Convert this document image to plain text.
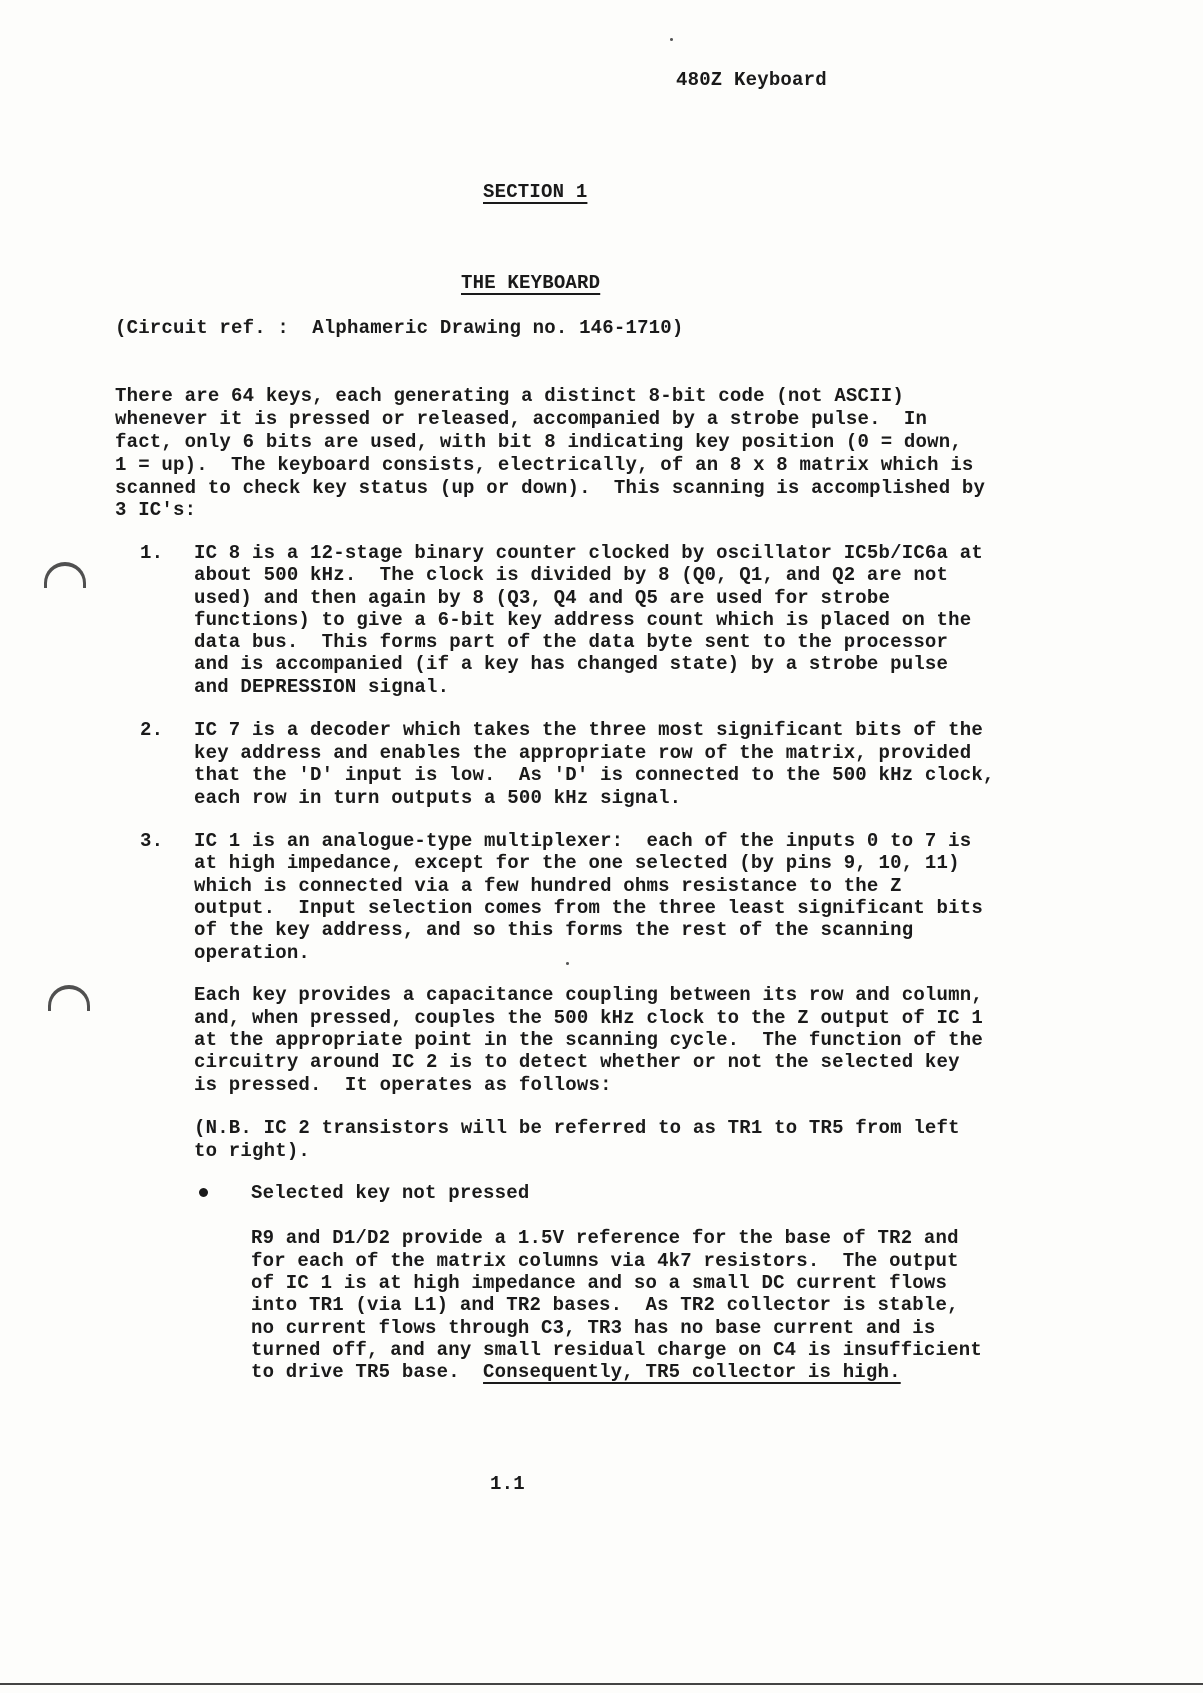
480Z Keyboard
SECTION 1
THE KEYBOARD
(Circuit ref. :  Alphameric Drawing no. 146-1710)
There are 64 keys, each generating a distinct 8-bit code (not ASCII)
whenever it is pressed or released, accompanied by a strobe pulse.  In
fact, only 6 bits are used, with bit 8 indicating key position (0 = down,
1 = up).  The keyboard consists, electrically, of an 8 x 8 matrix which is
scanned to check key status (up or down).  This scanning is accomplished by
3 IC's:
1. IC 8 is a 12-stage binary counter clocked by oscillator IC5b/IC6a at
about 500 kHz.  The clock is divided by 8 (Q0, Q1, and Q2 are not
used) and then again by 8 (Q3, Q4 and Q5 are used for strobe
functions) to give a 6-bit key address count which is placed on the
data bus.  This forms part of the data byte sent to the processor
and is accompanied (if a key has changed state) by a strobe pulse
and DEPRESSION signal.
2. IC 7 is a decoder which takes the three most significant bits of the
key address and enables the appropriate row of the matrix, provided
that the 'D' input is low.  As 'D' is connected to the 500 kHz clock,
each row in turn outputs a 500 kHz signal.
3. IC 1 is an analogue-type multiplexer:  each of the inputs 0 to 7 is
at high impedance, except for the one selected (by pins 9, 10, 11)
which is connected via a few hundred ohms resistance to the Z
output.  Input selection comes from the three least significant bits
of the key address, and so this forms the rest of the scanning
operation.
Each key provides a capacitance coupling between its row and column,
and, when pressed, couples the 500 kHz clock to the Z output of IC 1
at the appropriate point in the scanning cycle.  The function of the
circuitry around IC 2 is to detect whether or not the selected key
is pressed.  It operates as follows:
(N.B. IC 2 transistors will be referred to as TR1 to TR5 from left
to right).
Selected key not pressed
R9 and D1/D2 provide a 1.5V reference for the base of TR2 and
for each of the matrix columns via 4k7 resistors.  The output
of IC 1 is at high impedance and so a small DC current flows
into TR1 (via L1) and TR2 bases.  As TR2 collector is stable,
no current flows through C3, TR3 has no base current and is
turned off, and any small residual charge on C4 is insufficient
to drive TR5 base.  Consequently, TR5 collector is high.
1.1
